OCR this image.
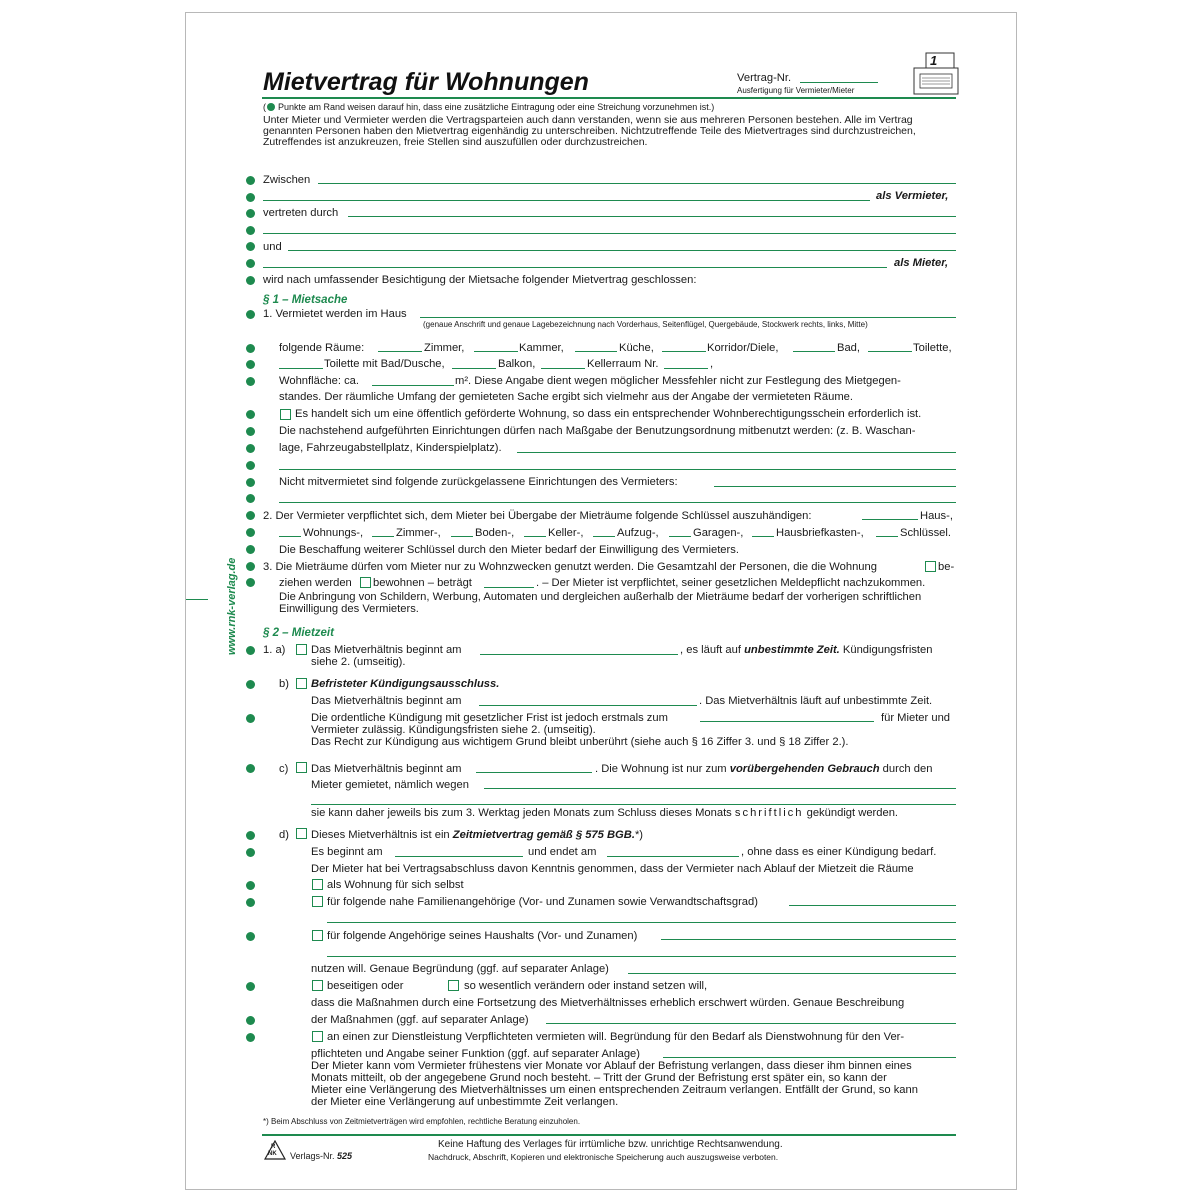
Mietvertrag für Wohnungen	Vertrag-Nr.
Ausfertigung für Vermieter/Mieter
1
( Punkte am Rand weisen darauf hin, dass eine zusätzliche Eintragung oder eine Streichung vorzunehmen ist.)
Unter Mieter und Vermieter werden die Vertragsparteien auch dann verstanden, wenn sie aus mehreren Personen bestehen. Alle im Vertrag
genannten Personen haben den Mietvertrag eigenhändig zu unterschreiben. Nichtzutreffende Teile des Mietvertrages sind durchzustreichen,
Zutreffendes ist anzukreuzen, freie Stellen sind auszufüllen oder durchzustreichen.
www.rnk-verlag.de
Zwischen
als Vermieter,
vertreten durch
und
als Mieter,
wird nach umfassender Besichtigung der Mietsache folgender Mietvertrag geschlossen:
§ 1 – Mietsache
1. Vermietet werden im Haus
(genaue Anschrift und genaue Lagebezeichnung nach Vorderhaus, Seitenflügel, Quergebäude, Stockwerk rechts, links, Mitte)
folgende Räume:	Zimmer,	Kammer,	Küche,	Korridor/Diele,	Bad,	Toilette,
Toilette mit Bad/Dusche,	Balkon,	Kellerraum Nr.	,
Wohnfläche: ca.	m². Diese Angabe dient wegen möglicher Messfehler nicht zur Festlegung des Mietgegen-
standes. Der räumliche Umfang der gemieteten Sache ergibt sich vielmehr aus der Angabe der vermieteten Räume.
Es handelt sich um eine öffentlich geförderte Wohnung, so dass ein entsprechender Wohnberechtigungsschein erforderlich ist.
Die nachstehend aufgeführten Einrichtungen dürfen nach Maßgabe der Benutzungsordnung mitbenutzt werden: (z. B. Waschan-
lage, Fahrzeugabstellplatz, Kinderspielplatz).
Nicht mitvermietet sind folgende zurückgelassene Einrichtungen des Vermieters:
2. Der Vermieter verpflichtet sich, dem Mieter bei Übergabe der Mieträume folgende Schlüssel auszuhändigen:	Haus-,
Wohnungs-,	Zimmer-,	Boden-,	Keller-,	Aufzug-,	Garagen-,	Hausbriefkasten-,	Schlüssel.
Die Beschaffung weiterer Schlüssel durch den Mieter bedarf der Einwilligung des Vermieters.
3. Die Mieträume dürfen vom Mieter nur zu Wohnzwecken genutzt werden. Die Gesamtzahl der Personen, die die Wohnung	be-
ziehen werden bewohnen – beträgt	. – Der Mieter ist verpflichtet, seiner gesetzlichen Meldepflicht nachzukommen.
Die Anbringung von Schildern, Werbung, Automaten und dergleichen außerhalb der Mieträume bedarf der vorherigen schriftlichen
Einwilligung des Vermieters.
§ 2 – Mietzeit
1. a) Das Mietverhältnis beginnt am	, es läuft auf unbestimmte Zeit. Kündigungsfristen
siehe 2. (umseitig).
b) Befristeter Kündigungsausschluss.
Das Mietverhältnis beginnt am	. Das Mietverhältnis läuft auf unbestimmte Zeit.
Die ordentliche Kündigung mit gesetzlicher Frist ist jedoch erstmals zum	für Mieter und
Vermieter zulässig. Kündigungsfristen siehe 2. (umseitig).
Das Recht zur Kündigung aus wichtigem Grund bleibt unberührt (siehe auch § 16 Ziffer 3. und § 18 Ziffer 2.).
c) Das Mietverhältnis beginnt am	. Die Wohnung ist nur zum vorübergehenden Gebrauch durch den
Mieter gemietet, nämlich wegen
sie kann daher jeweils bis zum 3. Werktag jeden Monats zum Schluss dieses Monats schriftlich gekündigt werden.
d) Dieses Mietverhältnis ist ein Zeitmietvertrag gemäß § 575 BGB.*)
Es beginnt am	und endet am	, ohne dass es einer Kündigung bedarf.
Der Mieter hat bei Vertragsabschluss davon Kenntnis genommen, dass der Vermieter nach Ablauf der Mietzeit die Räume
als Wohnung für sich selbst
für folgende nahe Familienangehörige (Vor- und Zunamen sowie Verwandtschaftsgrad)
für folgende Angehörige seines Haushalts (Vor- und Zunamen)
nutzen will. Genaue Begründung (ggf. auf separater Anlage)
beseitigen oder	so wesentlich verändern oder instand setzen will,
dass die Maßnahmen durch eine Fortsetzung des Mietverhältnisses erheblich erschwert würden. Genaue Beschreibung
der Maßnahmen (ggf. auf separater Anlage)
an einen zur Dienstleistung Verpflichteten vermieten will. Begründung für den Bedarf als Dienstwohnung für den Ver-
pflichteten und Angabe seiner Funktion (ggf. auf separater Anlage)
Der Mieter kann vom Vermieter frühestens vier Monate vor Ablauf der Befristung verlangen, dass dieser ihm binnen eines
Monats mitteilt, ob der angegebene Grund noch besteht. – Tritt der Grund der Befristung erst später ein, so kann der
Mieter eine Verlängerung des Mietverhältnisses um einen entsprechenden Zeitraum verlangen. Entfällt der Grund, so kann
der Mieter eine Verlängerung auf unbestimmte Zeit verlangen.
*) Beim Abschluss von Zeitmietverträgen wird empfohlen, rechtliche Beratung einzuholen.
R
NK Verlags-Nr. 525
Keine Haftung des Verlages für irrtümliche bzw. unrichtige Rechtsanwendung.
Nachdruck, Abschrift, Kopieren und elektronische Speicherung auch auszugsweise verboten.
